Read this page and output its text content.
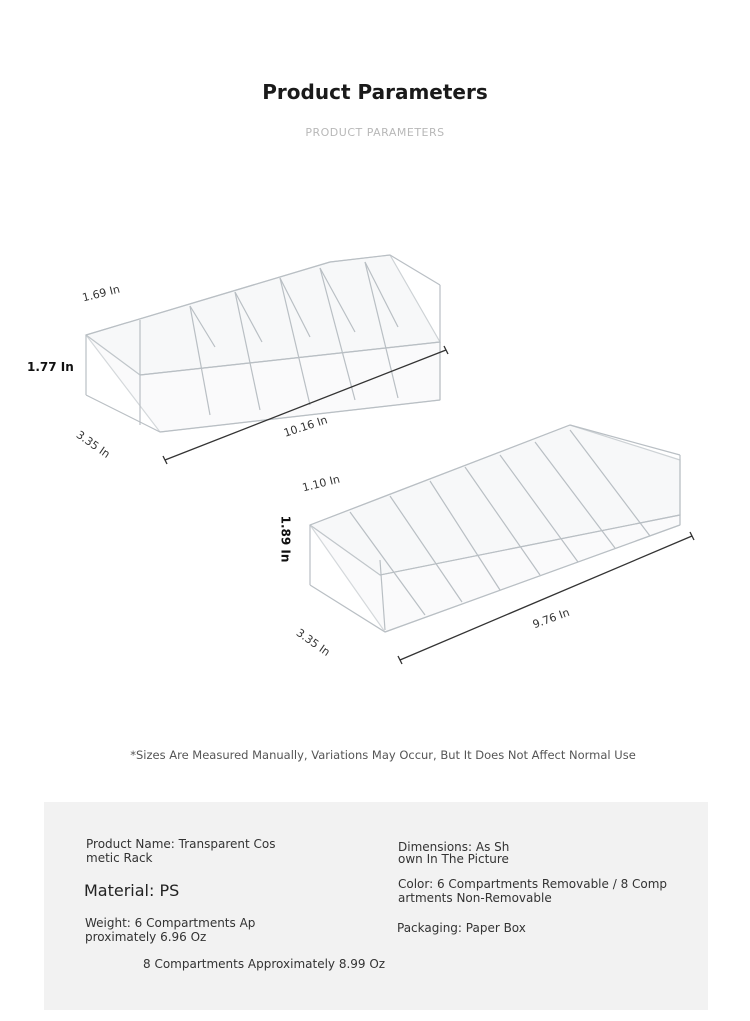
Product Parameters
PRODUCT PARAMETERS
1.69 In
1.77 In
3.35 In
10.16 In
1.10 In
1.89 In
3.35 In
9.76 In
*Sizes Are Measured Manually, Variations May Occur, But It Does Not Affect Normal Use
Product Name: Transparent Cos
metic Rack
Material: PS
Weight: 6 Compartments Ap
proximately 6.96 Oz
8 Compartments Approximately 8.99 Oz
Dimensions: As Sh
own In The Picture
Color: 6 Compartments Removable / 8 Comp
artments Non-Removable
Packaging: Paper Box
